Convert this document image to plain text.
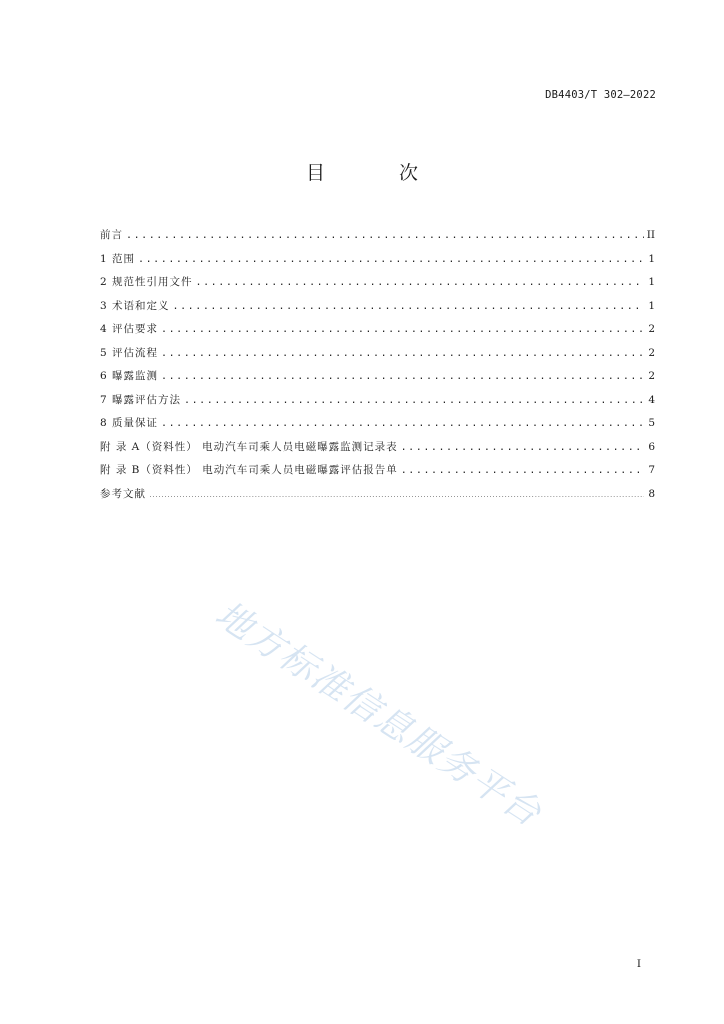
DB4403/T 302—2022
目 次
前言 .....	II
1 范围 .....	1
2 规范性引用文件 .....	1
3 术语和定义 .....	1
4 评估要求 .....	2
5 评估流程 .....	2
6 曝露监测 .....	2
7 曝露评估方法 .....	4
8 质量保证 .....	5
附 录 A（资料性） 电动汽车司乘人员电磁曝露监测记录表 .....	6
附 录 B（资料性） 电动汽车司乘人员电磁曝露评估报告单 .....	7
参考文献 .....	8
地方标准信息服务平台
I
